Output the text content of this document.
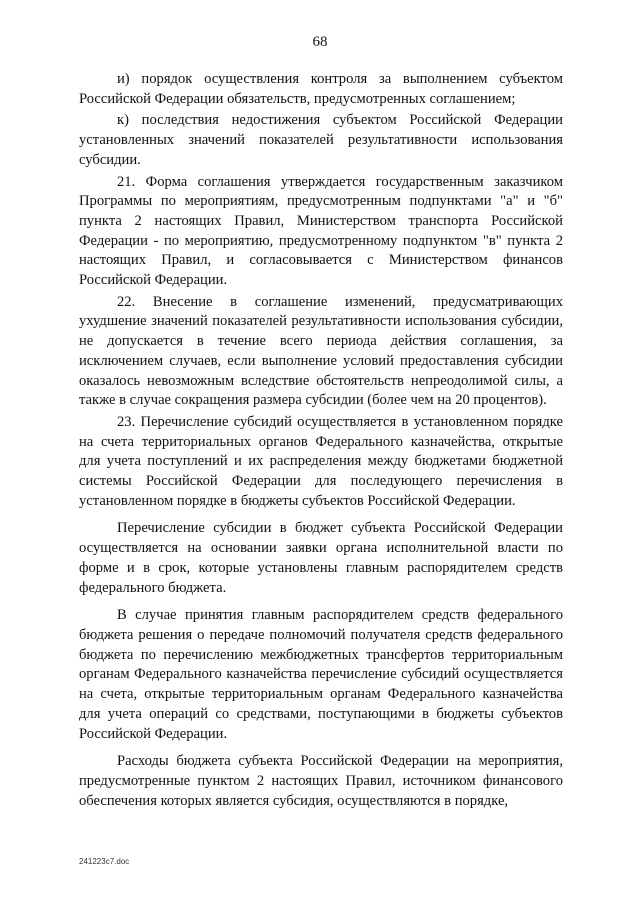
68

и) порядок осуществления контроля за выполнением субъектом Российской Федерации обязательств, предусмотренных соглашением;

к) последствия недостижения субъектом Российской Федерации установленных значений показателей результативности использования субсидии.

21. Форма соглашения утверждается государственным заказчиком Программы по мероприятиям, предусмотренным подпунктами "а" и "б" пункта 2 настоящих Правил, Министерством транспорта Российской Федерации - по мероприятию, предусмотренному подпунктом "в" пункта 2 настоящих Правил, и согласовывается с Министерством финансов Российской Федерации.

22. Внесение в соглашение изменений, предусматривающих ухудшение значений показателей результативности использования субсидии, не допускается в течение всего периода действия соглашения, за исключением случаев, если выполнение условий предоставления субсидии оказалось невозможным вследствие обстоятельств непреодолимой силы, а также в случае сокращения размера субсидии (более чем на 20 процентов).

23. Перечисление субсидий осуществляется в установленном порядке на счета территориальных органов Федерального казначейства, открытые для учета поступлений и их распределения между бюджетами бюджетной системы Российской Федерации для последующего перечисления в установленном порядке в бюджеты субъектов Российской Федерации.

Перечисление субсидии в бюджет субъекта Российской Федерации осуществляется на основании заявки органа исполнительной власти по форме и в срок, которые установлены главным распорядителем средств федерального бюджета.

В случае принятия главным распорядителем средств федерального бюджета решения о передаче полномочий получателя средств федерального бюджета по перечислению межбюджетных трансфертов территориальным органам Федерального казначейства перечисление субсидий осуществляется на счета, открытые территориальным органам Федерального казначейства для учета операций со средствами, поступающими в бюджеты субъектов Российской Федерации.

Расходы бюджета субъекта Российской Федерации на мероприятия, предусмотренные пунктом 2 настоящих Правил, источником финансового обеспечения которых является субсидия, осуществляются в порядке,

241223c7.doc
